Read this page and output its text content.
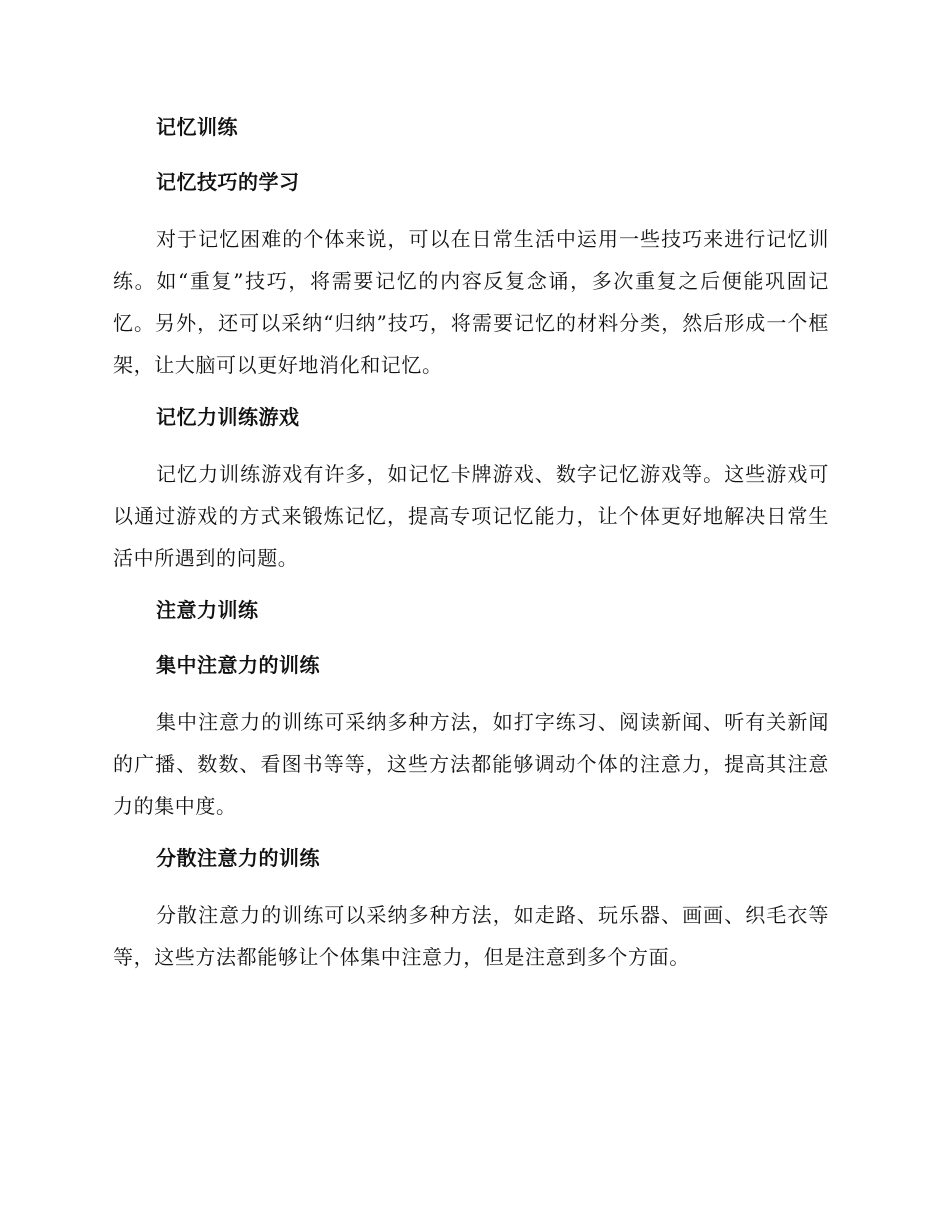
记忆训练
记忆技巧的学习
对于记忆困难的个体来说，可以在日常生活中运用一些技巧来进行记忆训练。如“重复”技巧，将需要记忆的内容反复念诵，多次重复之后便能巩固记忆。另外，还可以采纳“归纳”技巧，将需要记忆的材料分类，然后形成一个框架，让大脑可以更好地消化和记忆。
记忆力训练游戏
记忆力训练游戏有许多，如记忆卡牌游戏、数字记忆游戏等。这些游戏可以通过游戏的方式来锻炼记忆，提高专项记忆能力，让个体更好地解决日常生活中所遇到的问题。
注意力训练
集中注意力的训练
集中注意力的训练可采纳多种方法，如打字练习、阅读新闻、听有关新闻的广播、数数、看图书等等，这些方法都能够调动个体的注意力，提高其注意力的集中度。
分散注意力的训练
分散注意力的训练可以采纳多种方法，如走路、玩乐器、画画、织毛衣等等，这些方法都能够让个体集中注意力，但是注意到多个方面。
